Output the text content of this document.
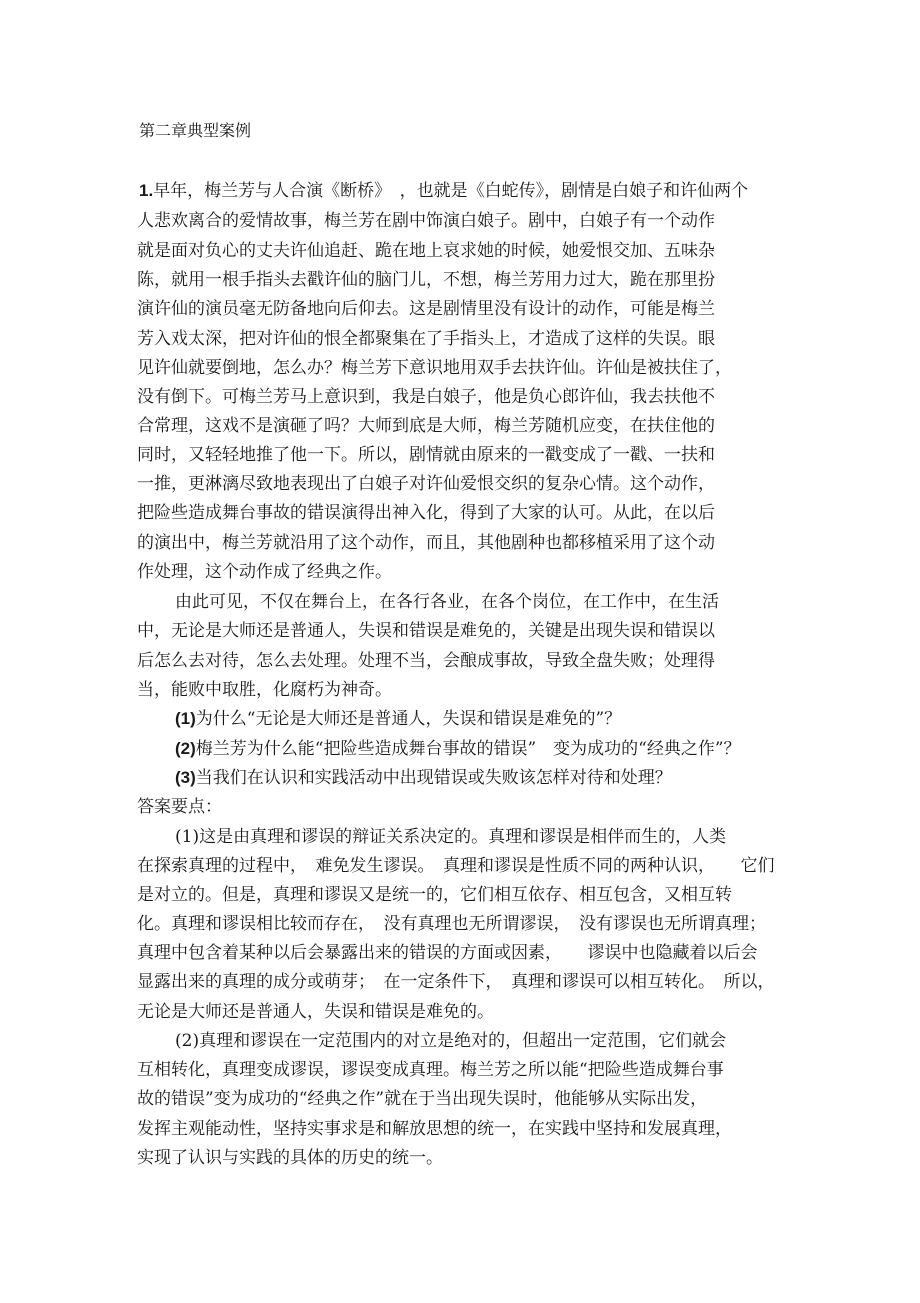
第二章典型案例
1.早年，梅兰芳与人合演《断桥》　，也就是《白蛇传》，剧情是白娘子和许仙两个
人悲欢离合的爱情故事，梅兰芳在剧中饰演白娘子。剧中，白娘子有一个动作
就是面对负心的丈夫许仙追赶、跪在地上哀求她的时候，她爱恨交加、五味杂
陈，就用一根手指头去戳许仙的脑门儿，不想，梅兰芳用力过大，跪在那里扮
演许仙的演员毫无防备地向后仰去。这是剧情里没有设计的动作，可能是梅兰
芳入戏太深，把对许仙的恨全都聚集在了手指头上，才造成了这样的失误。眼
见许仙就要倒地，怎么办？梅兰芳下意识地用双手去扶许仙。许仙是被扶住了，
没有倒下。可梅兰芳马上意识到，我是白娘子，他是负心郎许仙，我去扶他不
合常理，这戏不是演砸了吗？大师到底是大师，梅兰芳随机应变，在扶住他的
同时，又轻轻地推了他一下。所以，剧情就由原来的一戳变成了一戳、一扶和
一推，更淋漓尽致地表现出了白娘子对许仙爱恨交织的复杂心情。这个动作，
把险些造成舞台事故的错误演得出神入化，得到了大家的认可。从此，在以后
的演出中，梅兰芳就沿用了这个动作，而且，其他剧种也都移植采用了这个动
作处理，这个动作成了经典之作。
由此可见，不仅在舞台上，在各行各业，在各个岗位，在工作中，在生活
中，无论是大师还是普通人，失误和错误是难免的，关键是出现失误和错误以
后怎么去对待，怎么去处理。处理不当，会酿成事故，导致全盘失败；处理得
当，能败中取胜，化腐朽为神奇。
(1)为什么“无论是大师还是普通人，失误和错误是难免的”？
(2)梅兰芳为什么能“把险些造成舞台事故的错误”　变为成功的“经典之作”？
(3)当我们在认识和实践活动中出现错误或失败该怎样对待和处理？
答案要点：
(1)这是由真理和谬误的辩证关系决定的。真理和谬误是相伴而生的，人类
在探索真理的过程中，　难免发生谬误。　真理和谬误是性质不同的两种认识，　　它们
是对立的。但是，真理和谬误又是统一的，它们相互依存、相互包含，又相互转
化。真理和谬误相比较而存在，　没有真理也无所谓谬误，　没有谬误也无所谓真理；
真理中包含着某种以后会暴露出来的错误的方面或因素，　　谬误中也隐藏着以后会
显露出来的真理的成分或萌芽；　在一定条件下，　真理和谬误可以相互转化。　所以，
无论是大师还是普通人，失误和错误是难免的。
(2)真理和谬误在一定范围内的对立是绝对的，但超出一定范围，它们就会
互相转化，真理变成谬误，谬误变成真理。梅兰芳之所以能“把险些造成舞台事
故的错误”变为成功的“经典之作”就在于当出现失误时，他能够从实际出发，
发挥主观能动性，坚持实事求是和解放思想的统一，在实践中坚持和发展真理，
实现了认识与实践的具体的历史的统一。
